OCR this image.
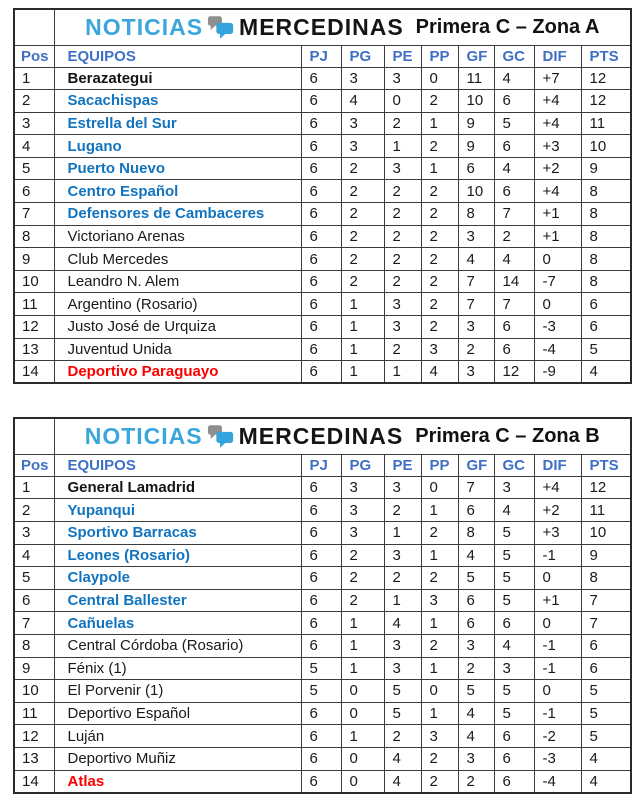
	NOTICIAS MERCEDINAS Primera C – Zona A								

Pos	EQUIPOS	PJ	PG	PE	PP	GF	GC	DIF	PTS
1	Berazategui	6	3	3	0	11	4	+7	12
2	Sacachispas	6	4	0	2	10	6	+4	12
3	Estrella del Sur	6	3	2	1	9	5	+4	11
4	Lugano	6	3	1	2	9	6	+3	10
5	Puerto Nuevo	6	2	3	1	6	4	+2	9
6	Centro Español	6	2	2	2	10	6	+4	8
7	Defensores de Cambaceres	6	2	2	2	8	7	+1	8
8	Victoriano Arenas	6	2	2	2	3	2	+1	8
9	Club Mercedes	6	2	2	2	4	4	0	8
10	Leandro N. Alem	6	2	2	2	7	14	-7	8
11	Argentino (Rosario)	6	1	3	2	7	7	0	6
12	Justo José de Urquiza	6	1	3	2	3	6	-3	6
13	Juventud Unida	6	1	2	3	2	6	-4	5
14	Deportivo Paraguayo	6	1	1	4	3	12	-9	4

	NOTICIAS MERCEDINAS Primera C – Zona B								

Pos	EQUIPOS	PJ	PG	PE	PP	GF	GC	DIF	PTS
1	General Lamadrid	6	3	3	0	7	3	+4	12
2	Yupanqui	6	3	2	1	6	4	+2	11
3	Sportivo Barracas	6	3	1	2	8	5	+3	10
4	Leones (Rosario)	6	2	3	1	4	5	-1	9
5	Claypole	6	2	2	2	5	5	0	8
6	Central Ballester	6	2	1	3	6	5	+1	7
7	Cañuelas	6	1	4	1	6	6	0	7
8	Central Córdoba (Rosario)	6	1	3	2	3	4	-1	6
9	Fénix (1)	5	1	3	1	2	3	-1	6
10	El Porvenir (1)	5	0	5	0	5	5	0	5
11	Deportivo Español	6	0	5	1	4	5	-1	5
12	Luján	6	1	2	3	4	6	-2	5
13	Deportivo Muñiz	6	0	4	2	3	6	-3	4
14	Atlas	6	0	4	2	2	6	-4	4
